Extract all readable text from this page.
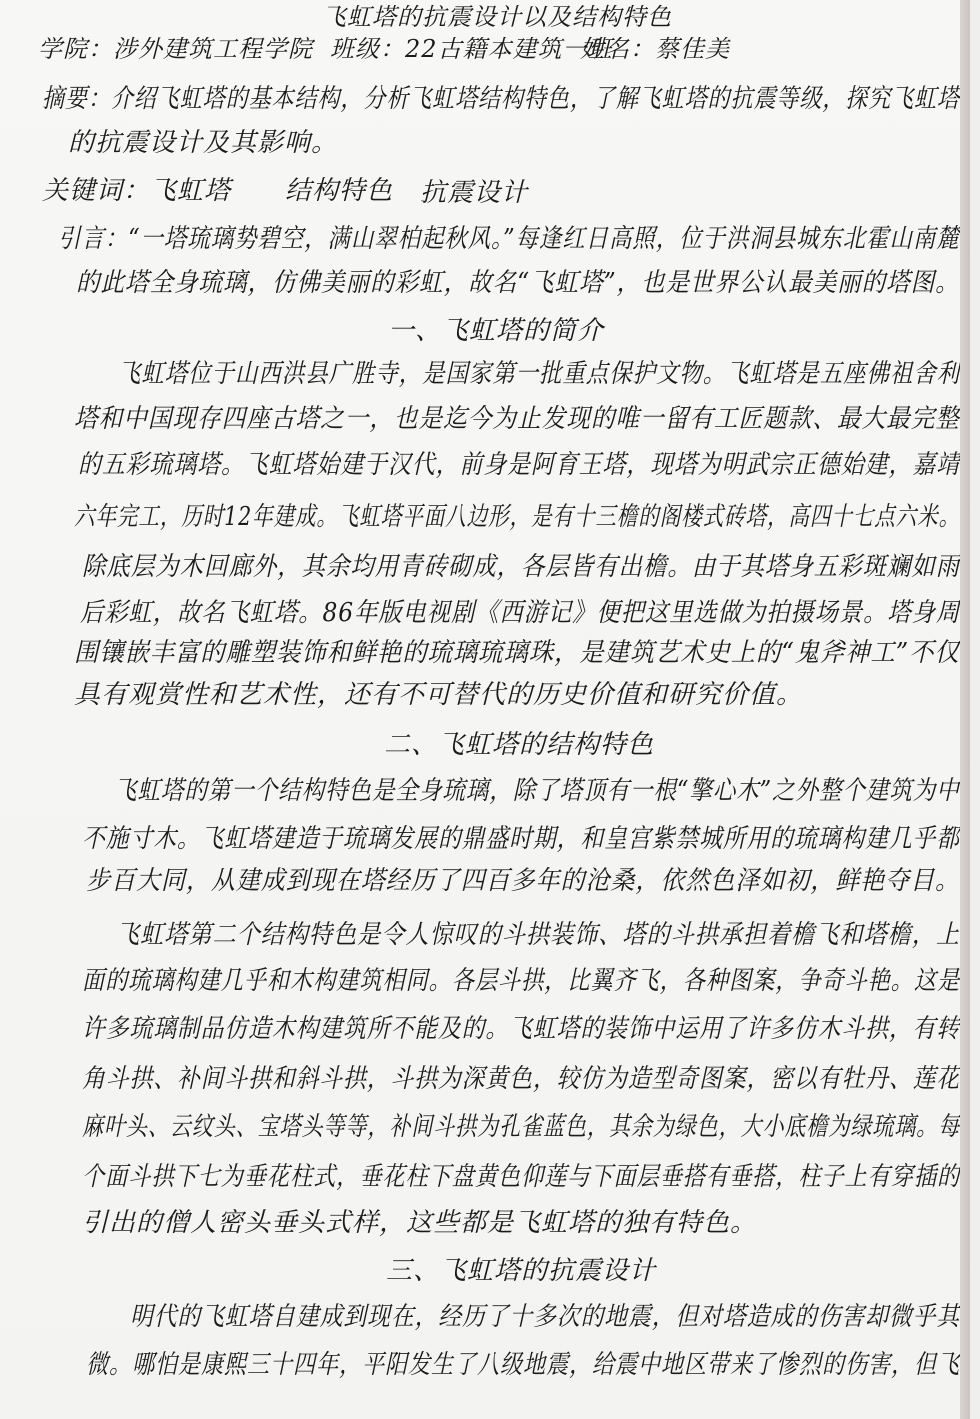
飞虹塔的抗震设计以及结构特色
学院：涉外建筑工程学院 班级：22古籍本建筑一班
姓名：蔡佳美
摘要：介绍飞虹塔的基本结构，分析飞虹塔结构特色，了解飞虹塔的抗震等级，探究飞虹塔
的抗震设计及其影响。
关键词： 飞虹塔 结构特色 抗震设计
引言：“一塔琉璃势碧空，满山翠柏起秋风。”每逢红日高照，位于洪洞县城东北霍山南麓
的此塔全身琉璃，仿佛美丽的彩虹，故名“飞虹塔”，也是世界公认最美丽的塔图。
一、飞虹塔的简介
飞虹塔位于山西洪县广胜寺，是国家第一批重点保护文物。飞虹塔是五座佛祖舍利
塔和中国现存四座古塔之一，也是迄今为止发现的唯一留有工匠题款、最大最完整
的五彩琉璃塔。飞虹塔始建于汉代，前身是阿育王塔，现塔为明武宗正德始建，嘉靖
六年完工，历时12年建成。飞虹塔平面八边形，是有十三檐的阁楼式砖塔，高四十七点六米。
除底层为木回廊外，其余均用青砖砌成，各层皆有出檐。由于其塔身五彩斑斓如雨
后彩虹，故名飞虹塔。86年版电视剧《西游记》便把这里选做为拍摄场景。塔身周
围镶嵌丰富的雕塑装饰和鲜艳的琉璃琉璃珠，是建筑艺术史上的“鬼斧神工”不仅
具有观赏性和艺术性，还有不可替代的历史价值和研究价值。
二、飞虹塔的结构特色
飞虹塔的第一个结构特色是全身琉璃，除了塔顶有一根“擎心木”之外整个建筑为中
不施寸木。飞虹塔建造于琉璃发展的鼎盛时期，和皇宫紫禁城所用的琉璃构建几乎都
步百大同，从建成到现在塔经历了四百多年的沧桑，依然色泽如初，鲜艳夺目。
飞虹塔第二个结构特色是令人惊叹的斗拱装饰、塔的斗拱承担着檐飞和塔檐，上
面的琉璃构建几乎和木构建筑相同。各层斗拱，比翼齐飞，各种图案，争奇斗艳。这是
许多琉璃制品仿造木构建筑所不能及的。飞虹塔的装饰中运用了许多仿木斗拱，有转
角斗拱、补间斗拱和斜斗拱，斗拱为深黄色，较仿为造型奇图案，密以有牡丹、莲花
麻叶头、云纹头、宝塔头等等，补间斗拱为孔雀蓝色，其余为绿色，大小底檐为绿琉璃。每
个面斗拱下七为垂花柱式，垂花柱下盘黄色仰莲与下面层垂搭有垂搭，柱子上有穿插的
引出的僧人密头垂头式样，这些都是飞虹塔的独有特色。
三、飞虹塔的抗震设计
明代的飞虹塔自建成到现在，经历了十多次的地震，但对塔造成的伤害却微乎其
微。哪怕是康熙三十四年，平阳发生了八级地震，给震中地区带来了惨烈的伤害，但飞
